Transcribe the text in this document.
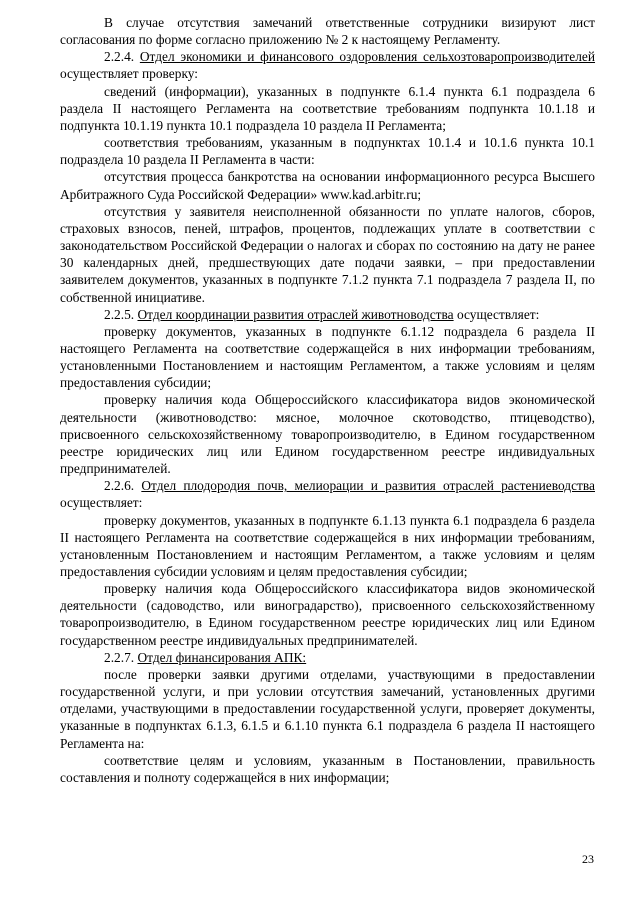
В случае отсутствия замечаний ответственные сотрудники визируют лист согласования по форме согласно приложению № 2 к настоящему Регламенту.

2.2.4. Отдел экономики и финансового оздоровления сельхозтоваропроизводителей осуществляет проверку:

сведений (информации), указанных в подпункте 6.1.4 пункта 6.1 подраздела 6 раздела II настоящего Регламента на соответствие требованиям подпункта 10.1.18 и подпункта 10.1.19 пункта 10.1 подраздела 10 раздела II Регламента;

соответствия требованиям, указанным в подпунктах 10.1.4 и 10.1.6 пункта 10.1 подраздела 10 раздела II Регламента в части:

отсутствия процесса банкротства на основании информационного ресурса Высшего Арбитражного Суда Российской Федерации» www.kad.arbitr.ru;

отсутствия у заявителя неисполненной обязанности по уплате налогов, сборов, страховых взносов, пеней, штрафов, процентов, подлежащих уплате в соответствии с законодательством Российской Федерации о налогах и сборах по состоянию на дату не ранее 30 календарных дней, предшествующих дате подачи заявки, – при предоставлении заявителем документов, указанных в подпункте 7.1.2 пункта 7.1 подраздела 7 раздела II, по собственной инициативе.

2.2.5. Отдел координации развития отраслей животноводства осуществляет:

проверку документов, указанных в подпункте 6.1.12 подраздела 6 раздела II настоящего Регламента на соответствие содержащейся в них информации требованиям, установленными Постановлением и настоящим Регламентом, а также условиям и целям предоставления субсидии;

проверку наличия кода Общероссийского классификатора видов экономической деятельности (животноводство: мясное, молочное скотоводство, птицеводство), присвоенного сельскохозяйственному товаропроизводителю, в Едином государственном реестре юридических лиц или Едином государственном реестре индивидуальных предпринимателей.

2.2.6. Отдел плодородия почв, мелиорации и развития отраслей растениеводства осуществляет:

проверку документов, указанных в подпункте 6.1.13 пункта 6.1 подраздела 6 раздела II настоящего Регламента на соответствие содержащейся в них информации требованиям, установленным Постановлением и настоящим Регламентом, а также условиям и целям предоставления субсидии условиям и целям предоставления субсидии;

проверку наличия кода Общероссийского классификатора видов экономической деятельности (садоводство, или виноградарство), присвоенного сельскохозяйственному товаропроизводителю, в Едином государственном реестре юридических лиц или Едином государственном реестре индивидуальных предпринимателей.

2.2.7. Отдел финансирования АПК:

после проверки заявки другими отделами, участвующими в предоставлении государственной услуги, и при условии отсутствия замечаний, установленных другими отделами, участвующими в предоставлении государственной услуги, проверяет документы, указанные в подпунктах 6.1.3, 6.1.5 и 6.1.10 пункта 6.1 подраздела 6 раздела II настоящего Регламента на:

соответствие целям и условиям, указанным в Постановлении, правильность составления и полноту содержащейся в них информации;

23
